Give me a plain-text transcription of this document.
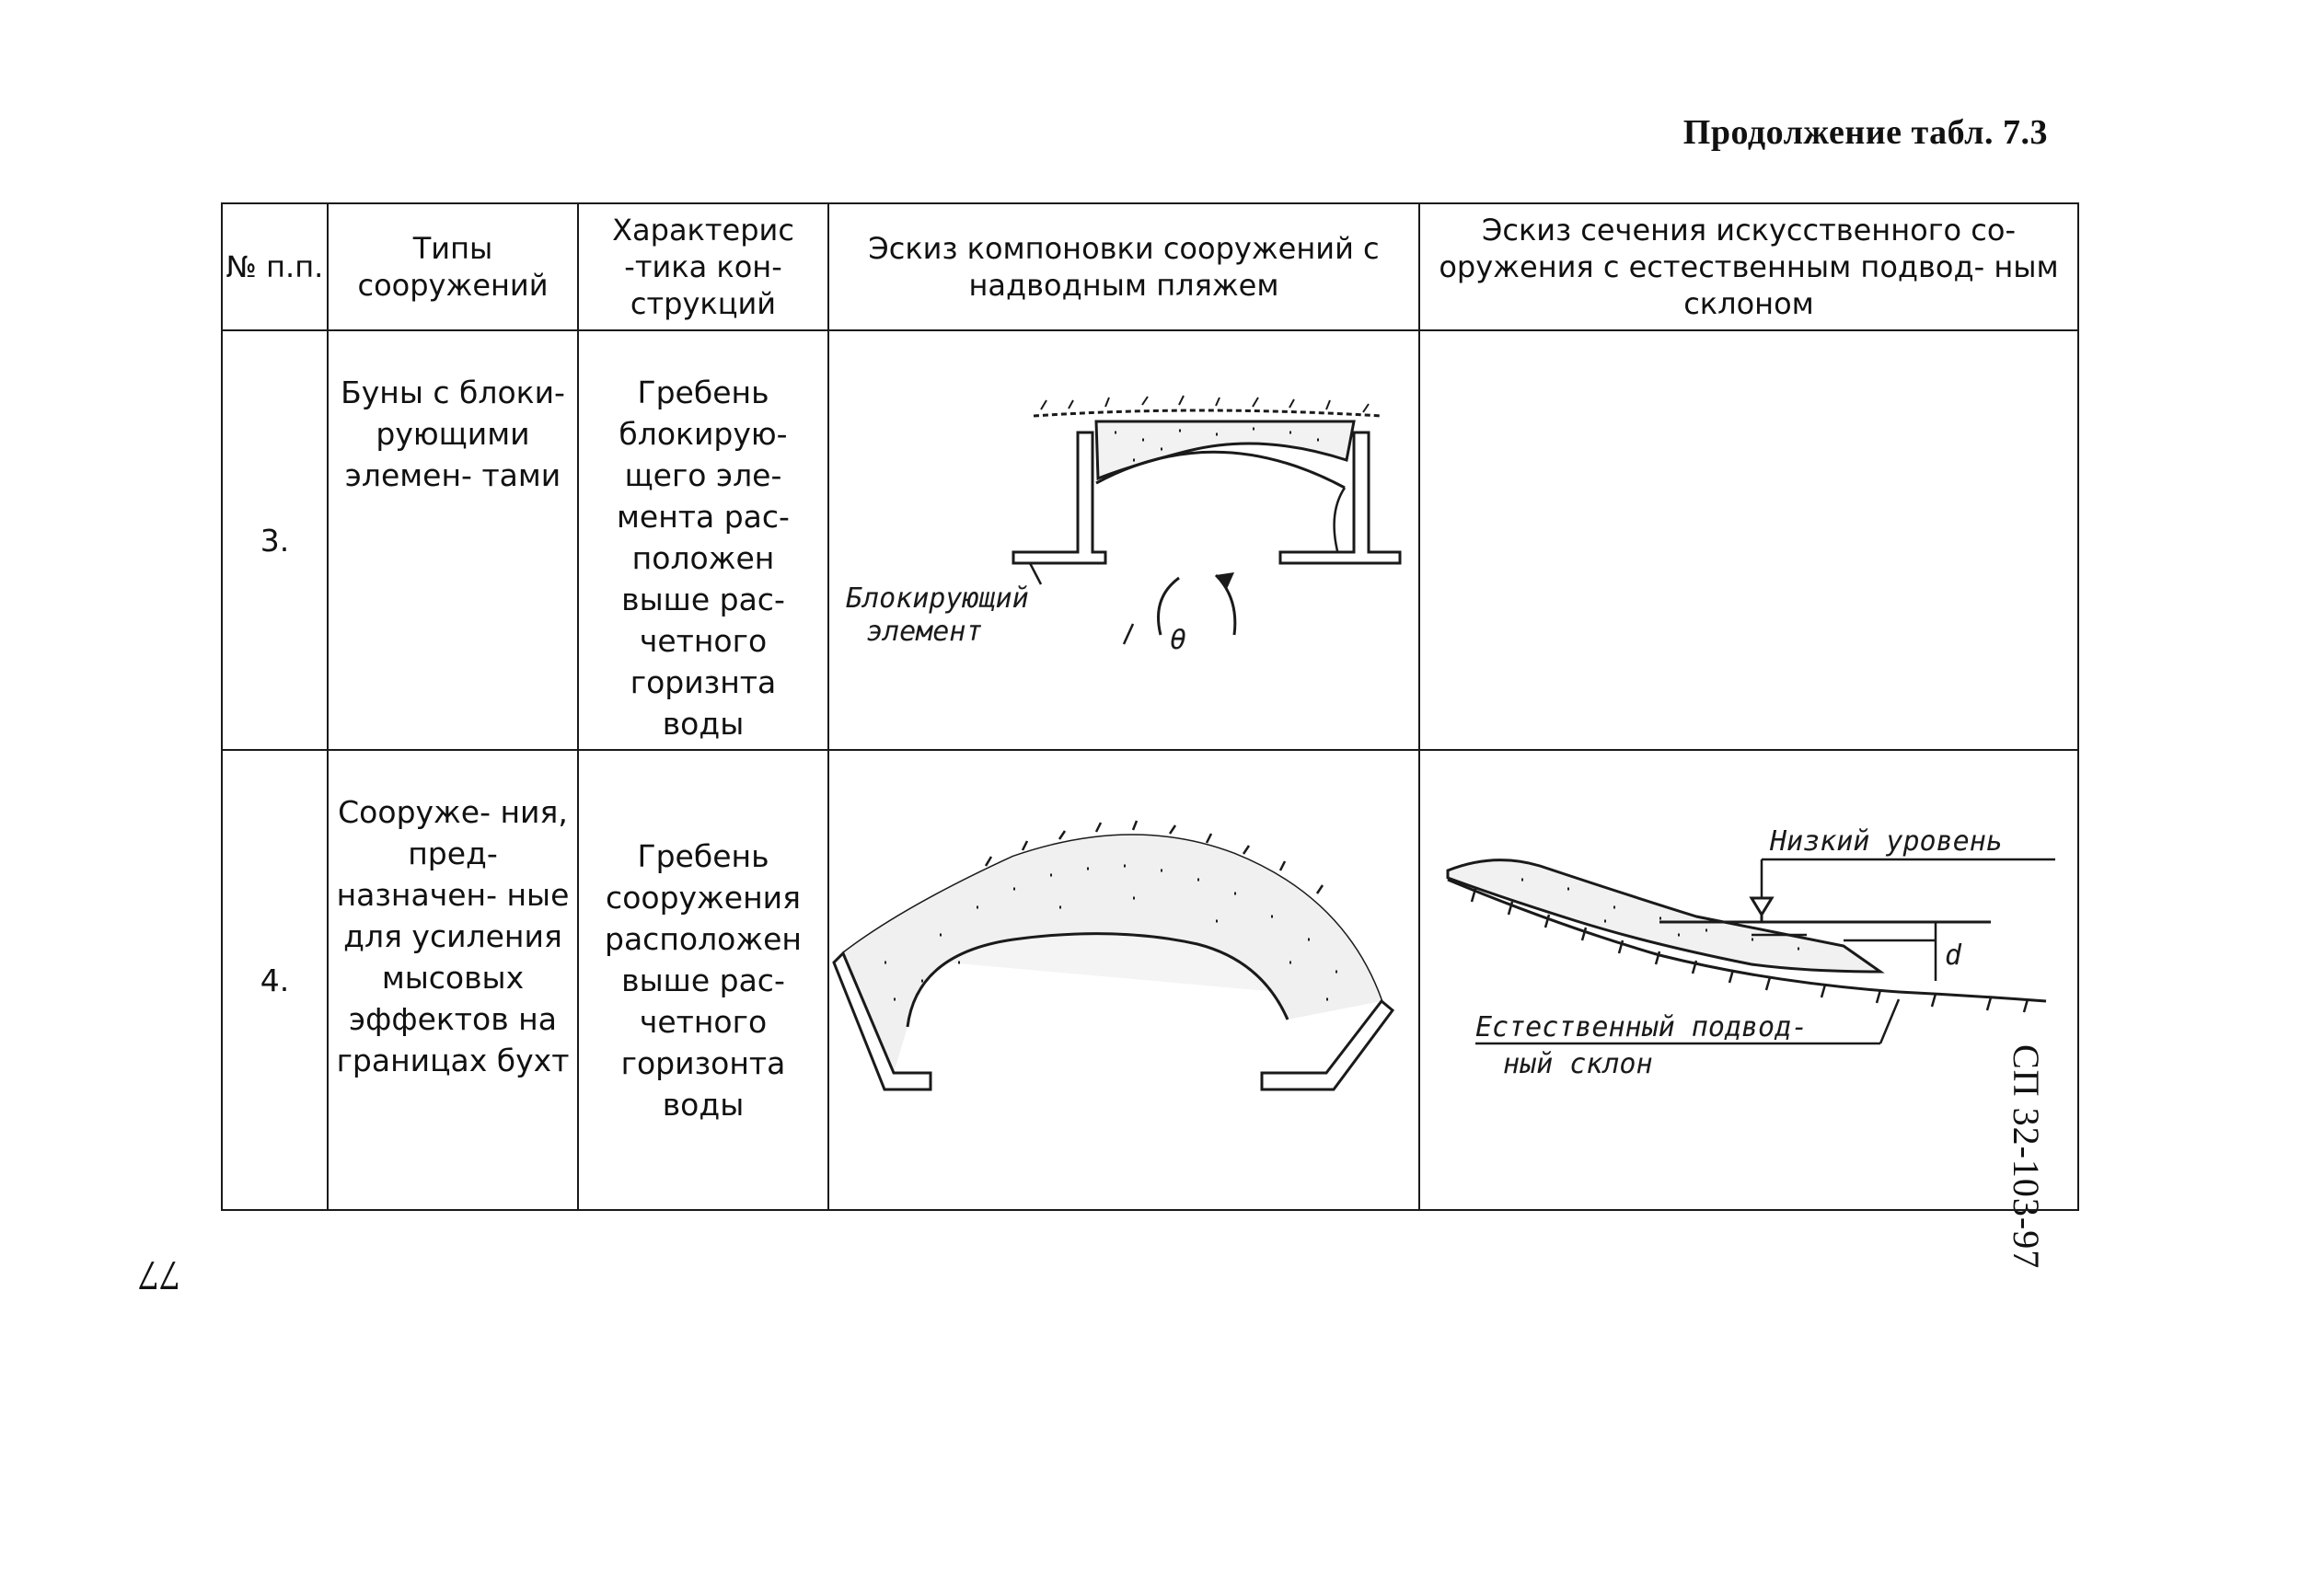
Продолжение табл. 7.3
СП 32-103-97
77
№ п.п.	Типы сооружений	Характерис -тика кон- струкций	Эскиз компоновки сооружений с надводным пляжем	Эскиз сечения искусственного со- оружения с естественным подвод- ным склоном

3.	Буны с блоки- рующими элемен- тами	Гребень блокирую- щего эле- мента рас- положен выше рас- четного горизнта воды	Блокирующий
элемент θ	

4.	Сооруже- ния, пред- назначен- ные для усиления мысовых эффектов на границах бухт	Гребень сооружения расположен выше рас- четного горизонта воды		Низкий уровень
d
Естественный подвод-
ный склон
